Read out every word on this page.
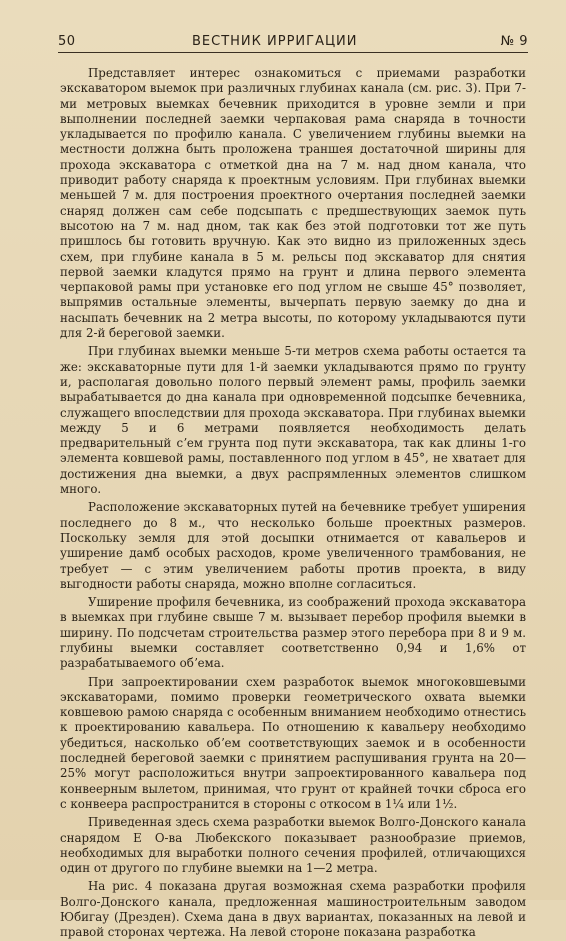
50	ВЕСТНИК ИРРИГАЦИИ	№ 9

Представляет интерес ознакомиться с приемами разработки экскаватором выемок при различных глубинах канала (см. рис. 3). При 7-ми метровых выемках бечевник приходится в уровне земли и при выполнении последней заемки черпаковая рама снаряда в точности укладывается по профилю канала. С увеличением глубины выемки на местности должна быть проложена траншея достаточной ширины для прохода экскаватора с отметкой дна на 7 м. над дном канала, что приводит работу снаряда к проектным условиям. При глубинах выемки меньшей 7 м. для построения проектного очертания последней заемки снаряд должен сам себе подсыпать с предшествующих заемок путь высотою на 7 м. над дном, так как без этой подготовки тот же путь пришлось бы готовить вручную. Как это видно из приложенных здесь схем, при глубине канала в 5 м. рельсы под экскаватор для снятия первой заемки кладутся прямо на грунт и длина первого элемента черпаковой рамы при установке его под углом не свыше 45° позволяет, выпрямив остальные элементы, вычерпать первую заемку до дна и насыпать бечевник на 2 метра высоты, по которому укладываются пути для 2-й береговой заемки.

При глубинах выемки меньше 5-ти метров схема работы остается та же: экскаваторные пути для 1-й заемки укладываются прямо по грунту и, располагая довольно полого первый элемент рамы, профиль заемки вырабатывается до дна канала при одновременной подсыпке бечевника, служащего впоследствии для прохода экскаватора. При глубинах выемки между 5 и 6 метрами появляется необходимость делать предварительный сʼем грунта под пути экскаватора, так как длины 1-го элемента ковшевой рамы, поставленного под углом в 45°, не хватает для достижения дна выемки, а двух распрямленных элементов слишком много.

Расположение экскаваторных путей на бечевнике требует уширения последнего до 8 м., что несколько больше проектных размеров. Поскольку земля для этой досыпки отнимается от кавальеров и уширение дамб особых расходов, кроме увеличенного трамбования, не требует — с этим увеличением работы против проекта, в виду выгодности работы снаряда, можно вполне согласиться.

Уширение профиля бечевника, из соображений прохода экскаватора в выемках при глубине свыше 7 м. вызывает перебор профиля выемки в ширину. По подсчетам строительства размер этого перебора при 8 и 9 м. глубины выемки составляет соответственно 0,94 и 1,6% от разрабатываемого обʼема.

При запроектировании схем разработок выемок многоковшевыми экскаваторами, помимо проверки геометрического охвата выемки ковшевою рамою снаряда с особенным вниманием необходимо отнестись к проектированию кавальера. По отношению к кавальеру необходимо убедиться, насколько обʼем соответствующих заемок и в особенности последней береговой заемки с принятием распушивания грунта на 20—25% могут расположиться внутри запроектированного кавальера под конвеерным вылетом, принимая, что грунт от крайней точки сброса его с конвеера распространится в стороны с откосом в 1¼ или 1½.

Приведенная здесь схема разработки выемок Волго-Донского канала снарядом Е О-ва Любекского показывает разнообразие приемов, необходимых для выработки полного сечения профилей, отличающихся один от другого по глубине выемки на 1—2 метра.

На рис. 4 показана другая возможная схема разработки профиля Волго-Донского канала, предложенная машиностроительным заводом Юбигау (Дрезден). Схема дана в двух вариантах, показанных на левой и правой сторонах чертежа. На левой стороне показана разработка
